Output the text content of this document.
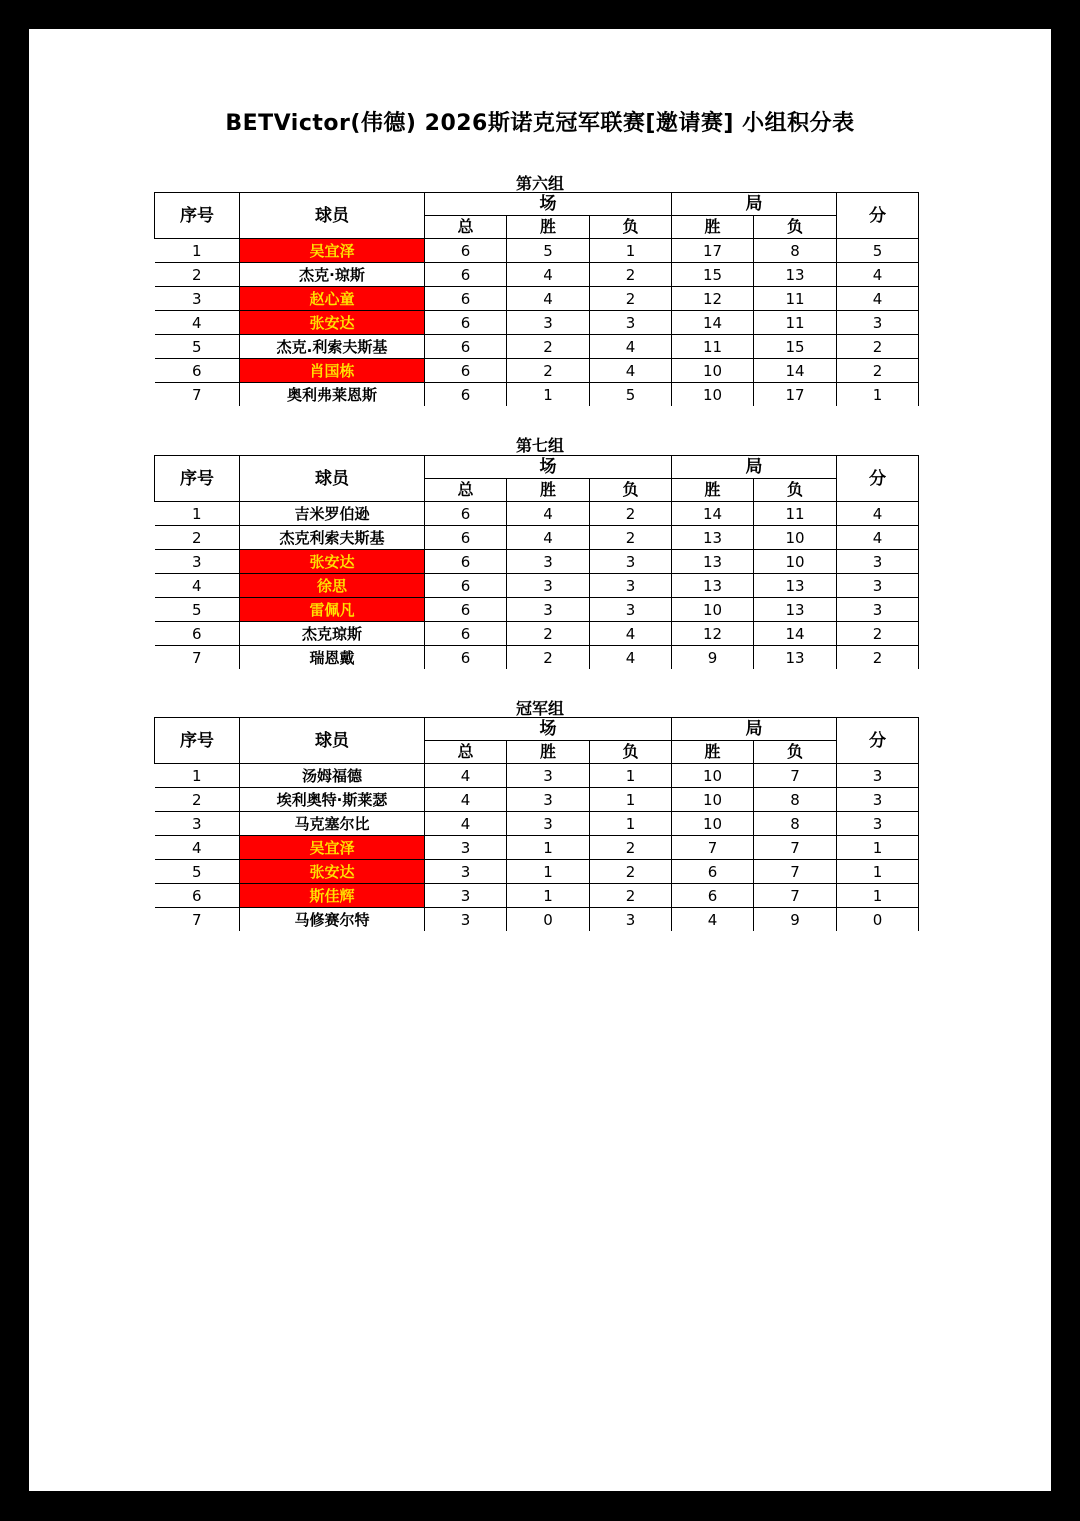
BETVictor(伟德) 2026斯诺克冠军联赛[邀请赛] 小组积分表
第六组
序号	球员	场			局		分
		总	胜	负	胜	负	
1	吴宜泽	6	5	1	17	8	5
2	杰克·琼斯	6	4	2	15	13	4
3	赵心童	6	4	2	12	11	4
4	张安达	6	3	3	14	11	3
5	杰克.利索夫斯基	6	2	4	11	15	2
6	肖国栋	6	2	4	10	14	2
7	奥利弗莱恩斯	6	1	5	10	17	1
第七组
序号	球员	场			局		分
		总	胜	负	胜	负	
1	吉米罗伯逊	6	4	2	14	11	4
2	杰克利索夫斯基	6	4	2	13	10	4
3	张安达	6	3	3	13	10	3
4	徐思	6	3	3	13	13	3
5	雷佩凡	6	3	3	10	13	3
6	杰克琼斯	6	2	4	12	14	2
7	瑞恩戴	6	2	4	9	13	2
冠军组
序号	球员	场			局		分
		总	胜	负	胜	负	
1	汤姆福德	4	3	1	10	7	3
2	埃利奥特·斯莱瑟	4	3	1	10	8	3
3	马克塞尔比	4	3	1	10	8	3
4	吴宜泽	3	1	2	7	7	1
5	张安达	3	1	2	6	7	1
6	斯佳辉	3	1	2	6	7	1
7	马修赛尔特	3	0	3	4	9	0
